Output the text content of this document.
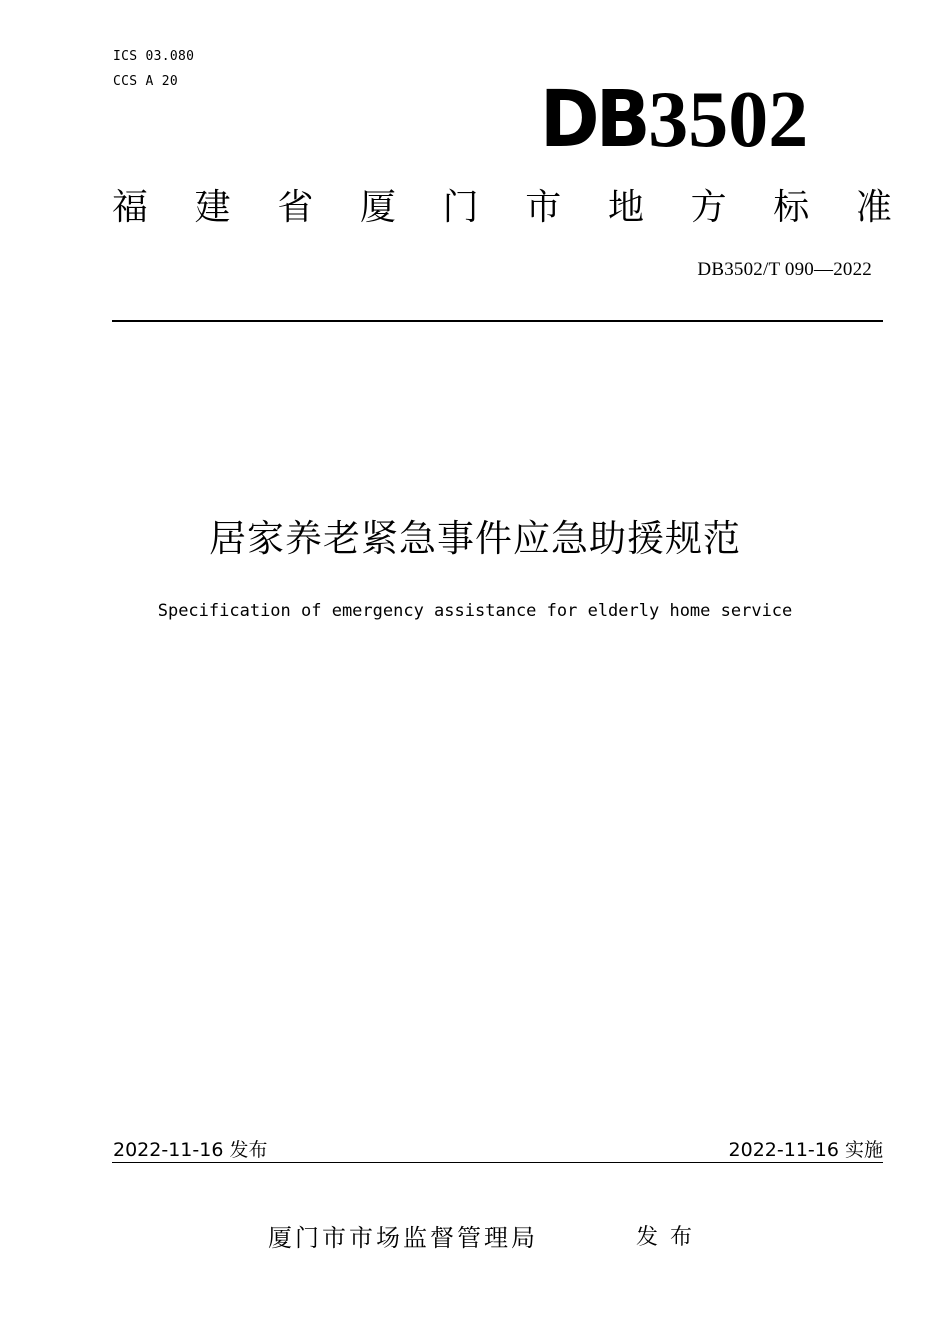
ICS 03.080
CCS A 20	DB 3502
福 建 省 厦 门 市 地 方 标 准
DB3502/T 090—2022
居家养老紧急事件应急助援规范
Specification of emergency assistance for elderly home service
2022-11-16 发布	2022-11-16 实施
厦门市市场监督管理局	发布
